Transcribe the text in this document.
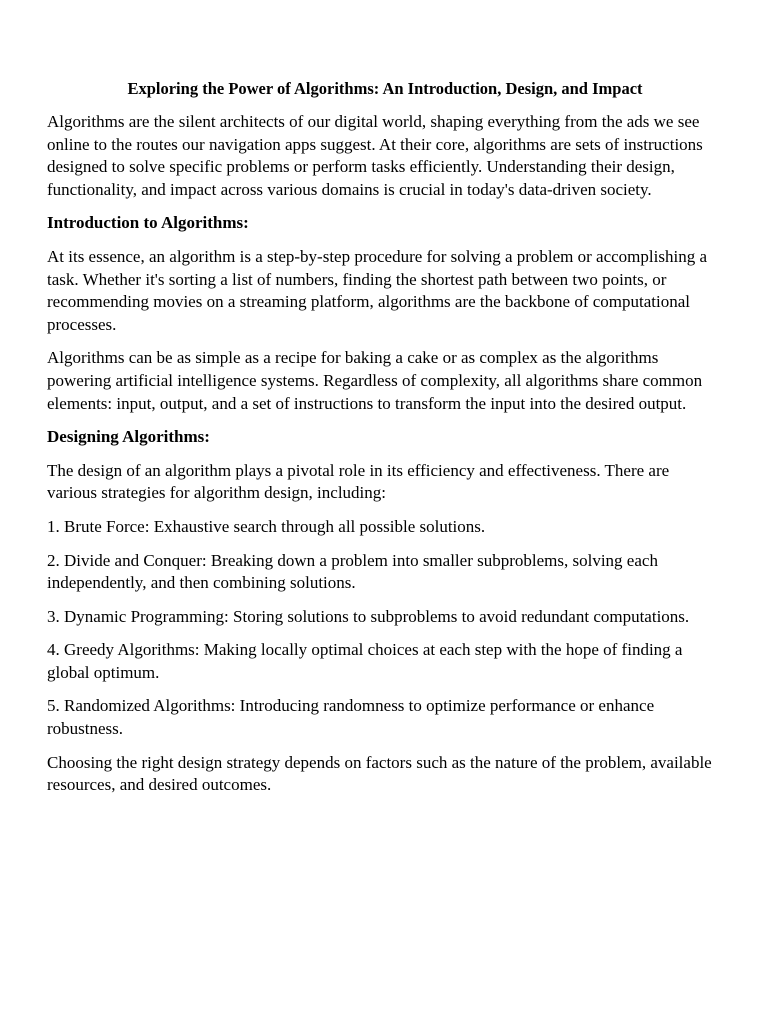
Exploring the Power of Algorithms: An Introduction, Design, and Impact

Algorithms are the silent architects of our digital world, shaping everything from the ads we see online to the routes our navigation apps suggest. At their core, algorithms are sets of instructions designed to solve specific problems or perform tasks efficiently. Understanding their design, functionality, and impact across various domains is crucial in today's data-driven society.

Introduction to Algorithms:

At its essence, an algorithm is a step-by-step procedure for solving a problem or accomplishing a task. Whether it's sorting a list of numbers, finding the shortest path between two points, or recommending movies on a streaming platform, algorithms are the backbone of computational processes.

Algorithms can be as simple as a recipe for baking a cake or as complex as the algorithms powering artificial intelligence systems. Regardless of complexity, all algorithms share common elements: input, output, and a set of instructions to transform the input into the desired output.

Designing Algorithms:

The design of an algorithm plays a pivotal role in its efficiency and effectiveness. There are various strategies for algorithm design, including:

1. Brute Force: Exhaustive search through all possible solutions.

2. Divide and Conquer: Breaking down a problem into smaller subproblems, solving each independently, and then combining solutions.

3. Dynamic Programming: Storing solutions to subproblems to avoid redundant computations.

4. Greedy Algorithms: Making locally optimal choices at each step with the hope of finding a global optimum.

5. Randomized Algorithms: Introducing randomness to optimize performance or enhance robustness.

Choosing the right design strategy depends on factors such as the nature of the problem, available resources, and desired outcomes.
